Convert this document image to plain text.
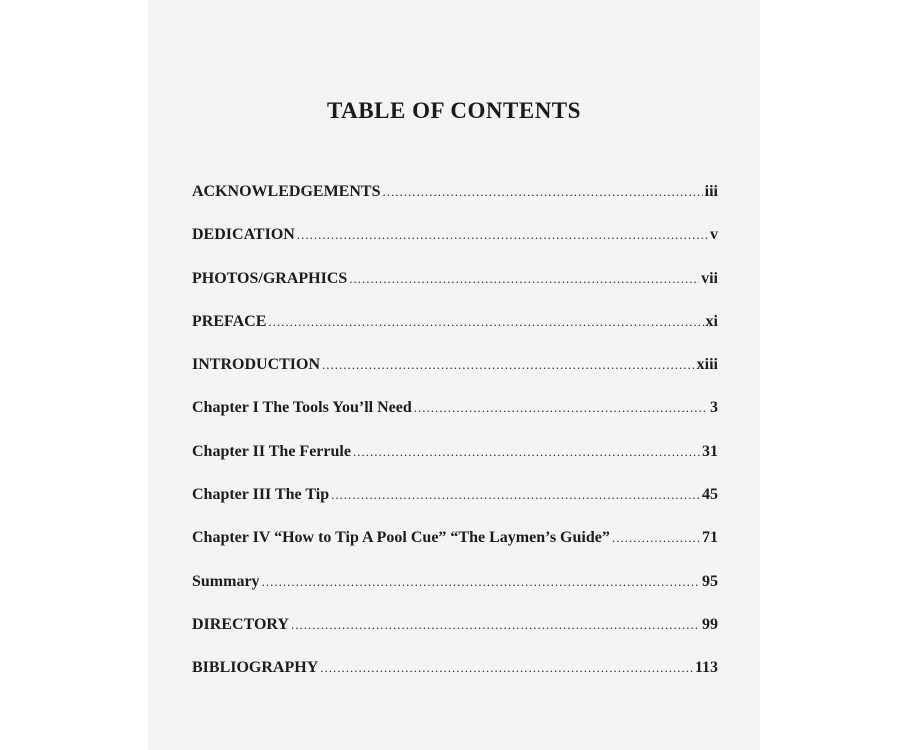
TABLE OF CONTENTS
ACKNOWLEDGEMENTS .....	iii
DEDICATION .....	v
PHOTOS/GRAPHICS .....	vii
PREFACE .....	xi
INTRODUCTION .....	xiii
Chapter I The Tools You’ll Need .....	3
Chapter II The Ferrule .....	31
Chapter III The Tip .....	45
Chapter IV “How to Tip A Pool Cue” “The Laymen’s Guide” .....	71
Summary .....	95
DIRECTORY .....	99
BIBLIOGRAPHY .....	113
